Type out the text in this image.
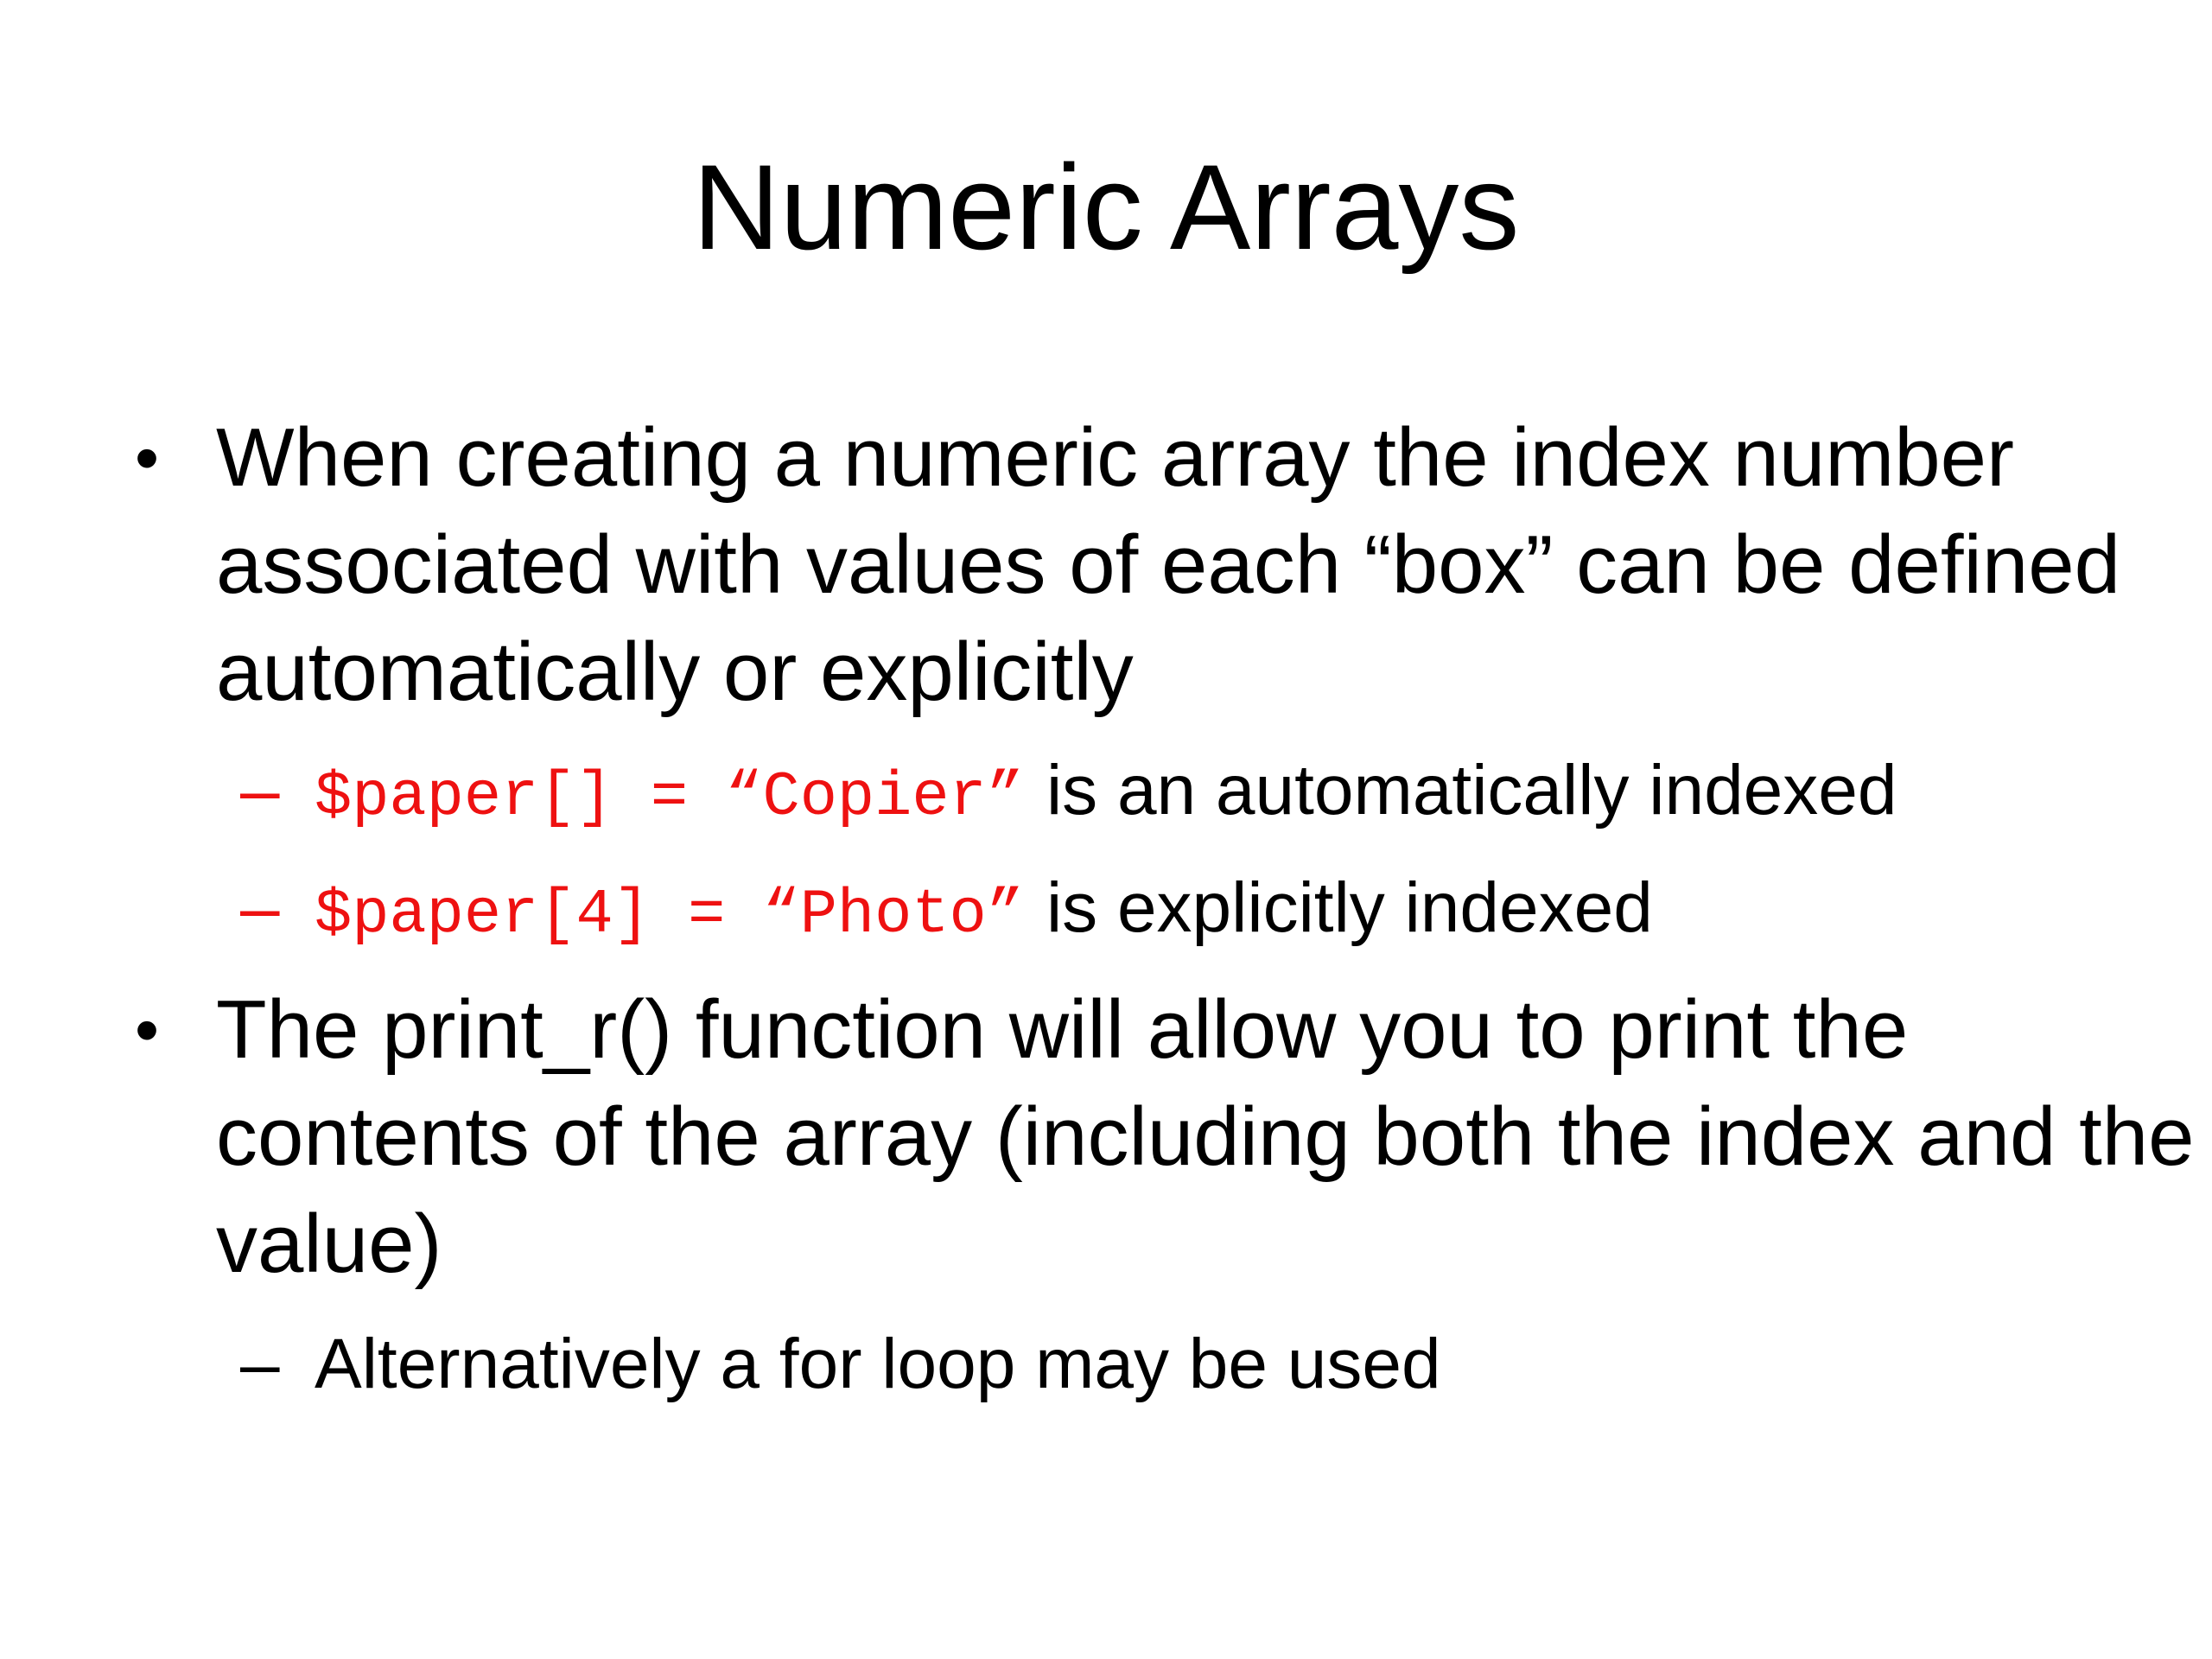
Numeric Arrays
• When creating a numeric array the index number associated with values of each “box” can be defined automatically or explicitly
– $paper[] = “Copier” is an automatically indexed
– $paper[4] = “Photo” is explicitly indexed
• The print_r() function will allow you to print the contents of the array (including both the index and the value)
– Alternatively a for loop may be used
